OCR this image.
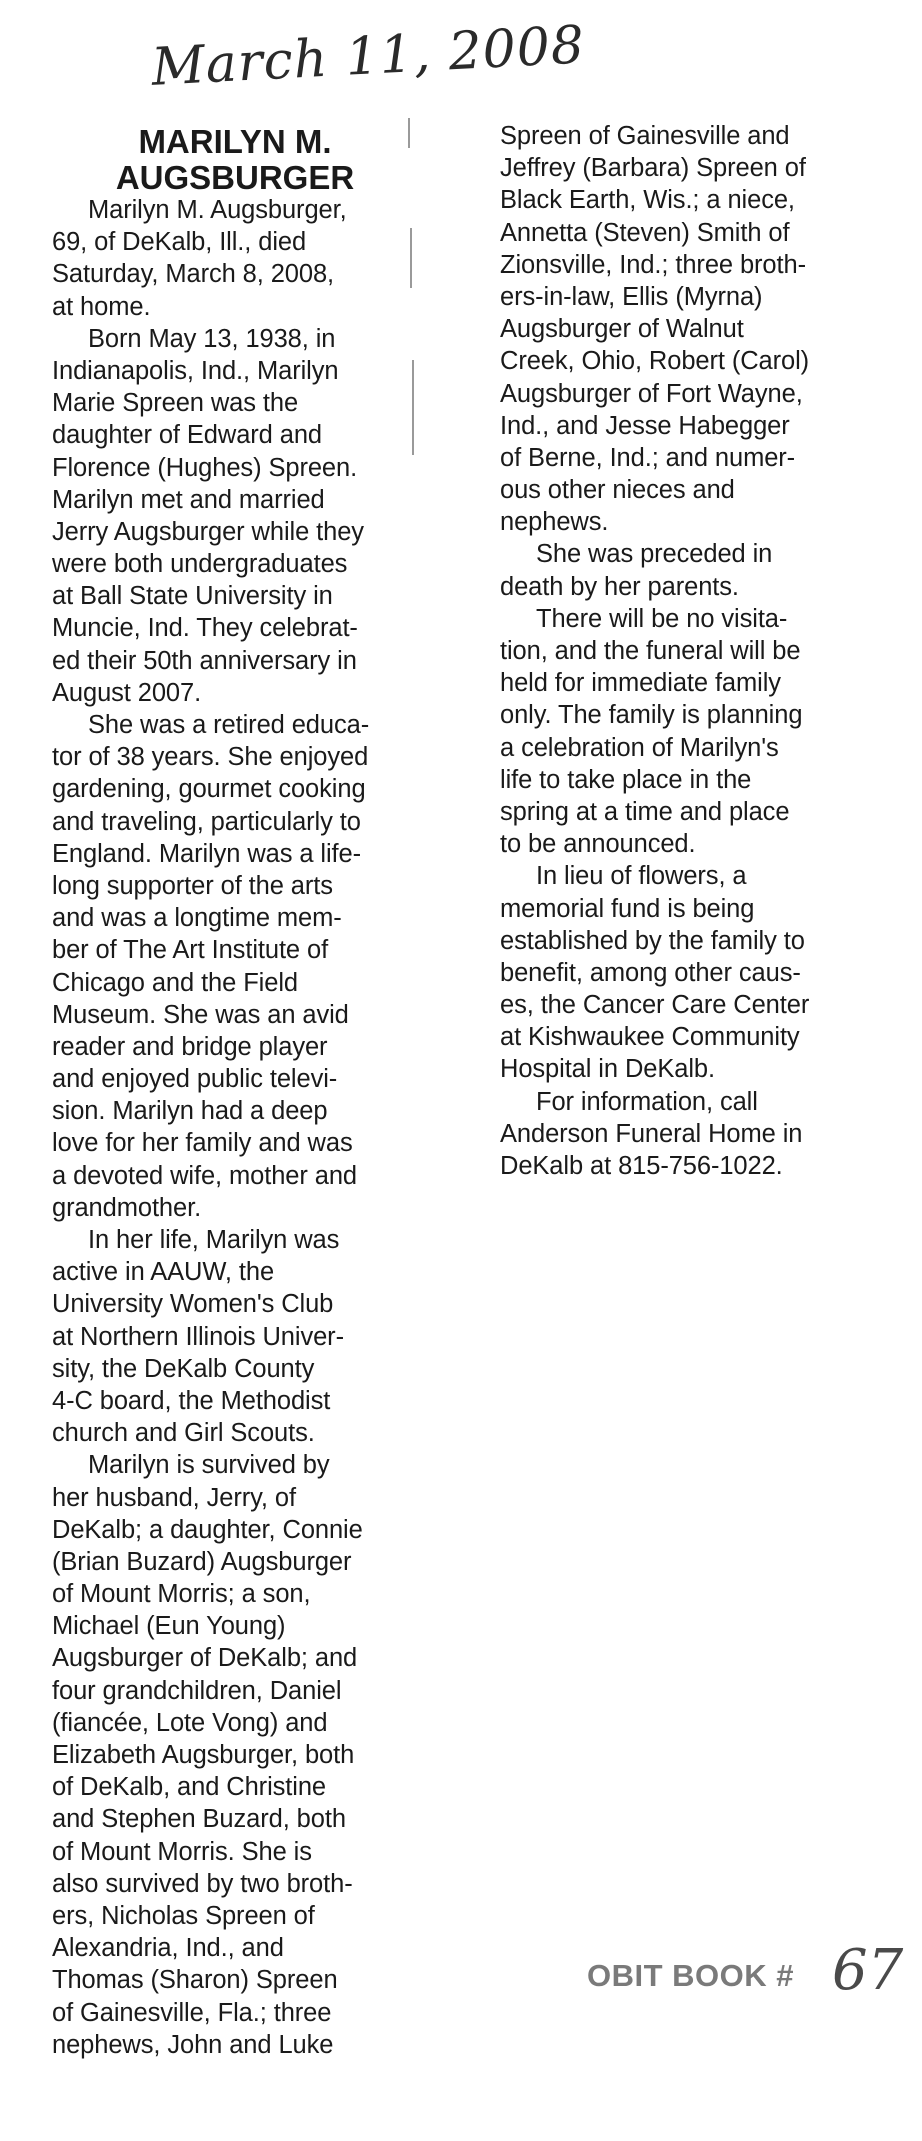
March 11, 2008
MARILYN M.
AUGSBURGER
Marilyn M. Augsburger,
69, of DeKalb, Ill., died
Saturday, March 8, 2008,
at home.
Born May 13, 1938, in
Indianapolis, Ind., Marilyn
Marie Spreen was the
daughter of Edward and
Florence (Hughes) Spreen.
Marilyn met and married
Jerry Augsburger while they
were both undergraduates
at Ball State University in
Muncie, Ind. They celebrat-
ed their 50th anniversary in
August 2007.
She was a retired educa-
tor of 38 years. She enjoyed
gardening, gourmet cooking
and traveling, particularly to
England. Marilyn was a life-
long supporter of the arts
and was a longtime mem-
ber of The Art Institute of
Chicago and the Field
Museum. She was an avid
reader and bridge player
and enjoyed public televi-
sion. Marilyn had a deep
love for her family and was
a devoted wife, mother and
grandmother.
In her life, Marilyn was
active in AAUW, the
University Women's Club
at Northern Illinois Univer-
sity, the DeKalb County
4-C board, the Methodist
church and Girl Scouts.
Marilyn is survived by
her husband, Jerry, of
DeKalb; a daughter, Connie
(Brian Buzard) Augsburger
of Mount Morris; a son,
Michael (Eun Young)
Augsburger of DeKalb; and
four grandchildren, Daniel
(fiancée, Lote Vong) and
Elizabeth Augsburger, both
of DeKalb, and Christine
and Stephen Buzard, both
of Mount Morris. She is
also survived by two broth-
ers, Nicholas Spreen of
Alexandria, Ind., and
Thomas (Sharon) Spreen
of Gainesville, Fla.; three
nephews, John and Luke
Spreen of Gainesville and
Jeffrey (Barbara) Spreen of
Black Earth, Wis.; a niece,
Annetta (Steven) Smith of
Zionsville, Ind.; three broth-
ers-in-law, Ellis (Myrna)
Augsburger of Walnut
Creek, Ohio, Robert (Carol)
Augsburger of Fort Wayne,
Ind., and Jesse Habegger
of Berne, Ind.; and numer-
ous other nieces and
nephews.
She was preceded in
death by her parents.
There will be no visita-
tion, and the funeral will be
held for immediate family
only. The family is planning
a celebration of Marilyn's
life to take place in the
spring at a time and place
to be announced.
In lieu of flowers, a
memorial fund is being
established by the family to
benefit, among other caus-
es, the Cancer Care Center
at Kishwaukee Community
Hospital in DeKalb.
For information, call
Anderson Funeral Home in
DeKalb at 815-756-1022.
OBIT BOOK # 67
